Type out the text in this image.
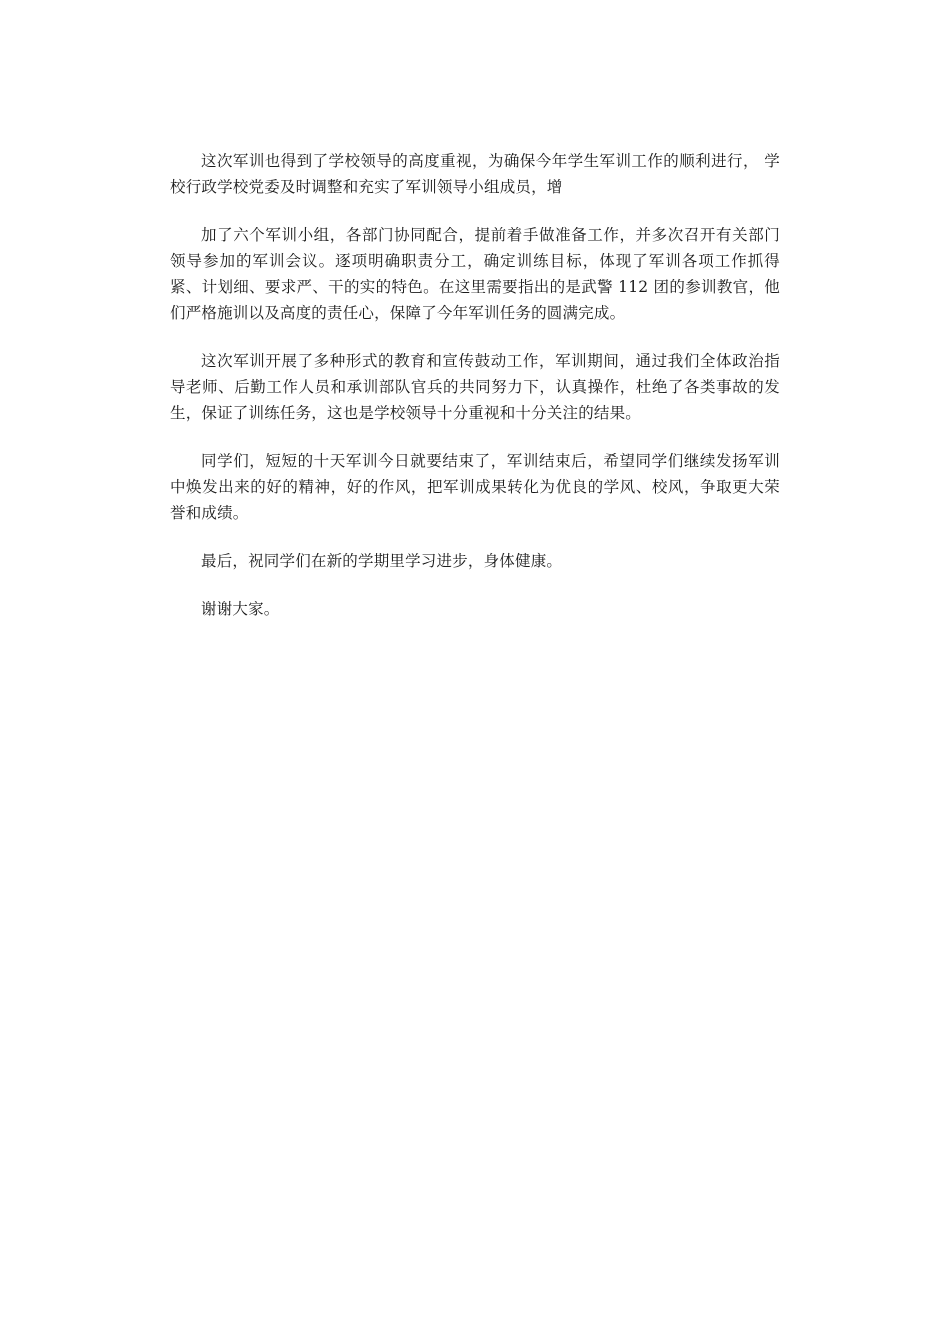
这次军训也得到了学校领导的高度重视，为确保今年学生军训工作的顺利进行， 学校行政学校党委及时调整和充实了军训领导小组成员，增

加了六个军训小组，各部门协同配合，提前着手做准备工作，并多次召开有关部门领导参加的军训会议。逐项明确职责分工，确定训练目标，体现了军训各项工作抓得紧、计划细、要求严、干的实的特色。在这里需要指出的是武警 112 团的参训教官，他们严格施训以及高度的责任心，保障了今年军训任务的圆满完成。

这次军训开展了多种形式的教育和宣传鼓动工作，军训期间，通过我们全体政治指导老师、后勤工作人员和承训部队官兵的共同努力下，认真操作，杜绝了各类事故的发生，保证了训练任务，这也是学校领导十分重视和十分关注的结果。

同学们，短短的十天军训今日就要结束了，军训结束后，希望同学们继续发扬军训中焕发出来的好的精神，好的作风，把军训成果转化为优良的学风、校风，争取更大荣誉和成绩。

最后，祝同学们在新的学期里学习进步，身体健康。

谢谢大家。
